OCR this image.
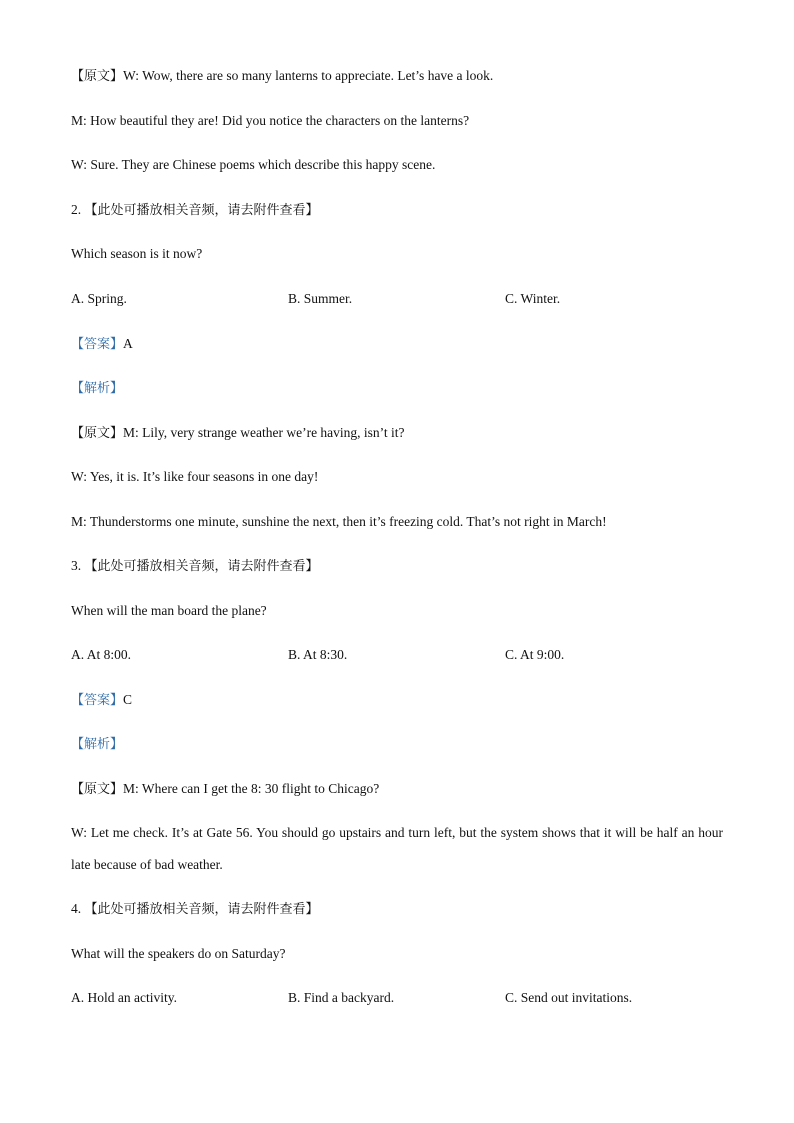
【原文】W: Wow, there are so many lanterns to appreciate. Let’s have a look.
M: How beautiful they are! Did you notice the characters on the lanterns?
W: Sure. They are Chinese poems which describe this happy scene.
2. 【此处可播放相关音频，请去附件查看】
Which season is it now?
A. Spring.	B. Summer.	C. Winter.
【答案】A
【解析】
【原文】M: Lily, very strange weather we’re having, isn’t it?
W: Yes, it is. It’s like four seasons in one day!
M: Thunderstorms one minute, sunshine the next, then it’s freezing cold. That’s not right in March!
3. 【此处可播放相关音频，请去附件查看】
When will the man board the plane?
A. At 8:00.	B. At 8:30.	C. At 9:00.
【答案】C
【解析】
【原文】M: Where can I get the 8: 30 flight to Chicago?
W: Let me check. It’s at Gate 56. You should go upstairs and turn left, but the system shows that it will be half an hour late because of bad weather.
4. 【此处可播放相关音频，请去附件查看】
What will the speakers do on Saturday?
A. Hold an activity.	B. Find a backyard.	C. Send out invitations.
